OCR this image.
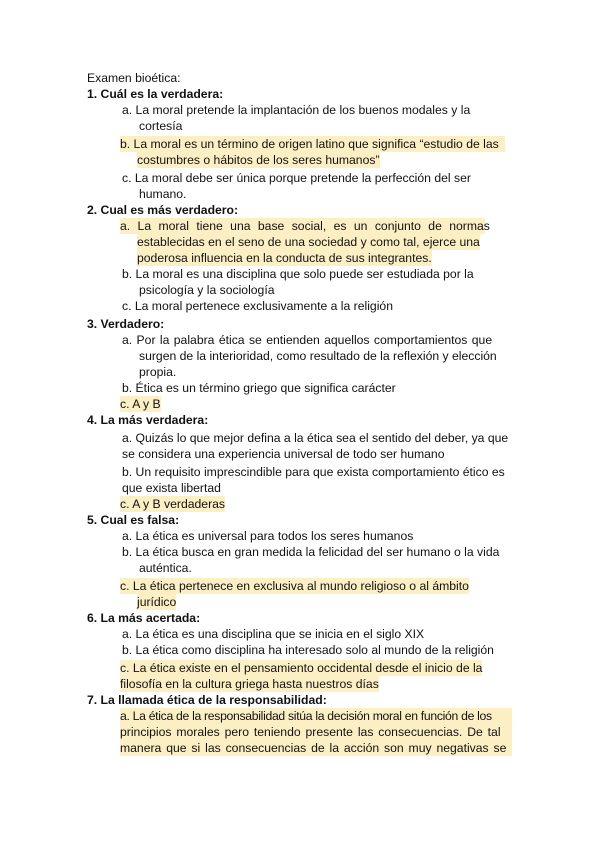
Examen bioética:
1. Cuál es la verdadera:
a. La moral pretende la implantación de los buenos modales y la
cortesía
b. La moral es un término de origen latino que significa “estudio de las
costumbres o hábitos de los seres humanos”
c. La moral debe ser única porque pretende la perfección del ser
humano.
2. Cual es más verdadero:
a. La moral tiene una base social, es un conjunto de normas
establecidas en el seno de una sociedad y como tal, ejerce una
poderosa influencia en la conducta de sus integrantes.
b. La moral es una disciplina que solo puede ser estudiada por la
psicología y la sociología
c. La moral pertenece exclusivamente a la religión
3. Verdadero:
a. Por la palabra ética se entienden aquellos comportamientos que
surgen de la interioridad, como resultado de la reflexión y elección
propia.
b. Ética es un término griego que significa carácter
c. A y B
4. La más verdadera:
a. Quizás lo que mejor defina a la ética sea el sentido del deber, ya que
se considera una experiencia universal de todo ser humano
b. Un requisito imprescindible para que exista comportamiento ético es
que exista libertad
c. A y B verdaderas
5. Cual es falsa:
a. La ética es universal para todos los seres humanos
b. La ética busca en gran medida la felicidad del ser humano o la vida
auténtica.
c. La ética pertenece en exclusiva al mundo religioso o al ámbito
jurídico
6. La más acertada:
a. La ética es una disciplina que se inicia en el siglo XIX
b. La ética como disciplina ha interesado solo al mundo de la religión
c. La ética existe en el pensamiento occidental desde el inicio de la
filosofía en la cultura griega hasta nuestros días
7. La llamada ética de la responsabilidad:
a. La ética de la responsabilidad sitúa la decisión moral en función de los
principios morales pero teniendo presente las consecuencias. De tal
manera que si las consecuencias de la acción son muy negativas se
